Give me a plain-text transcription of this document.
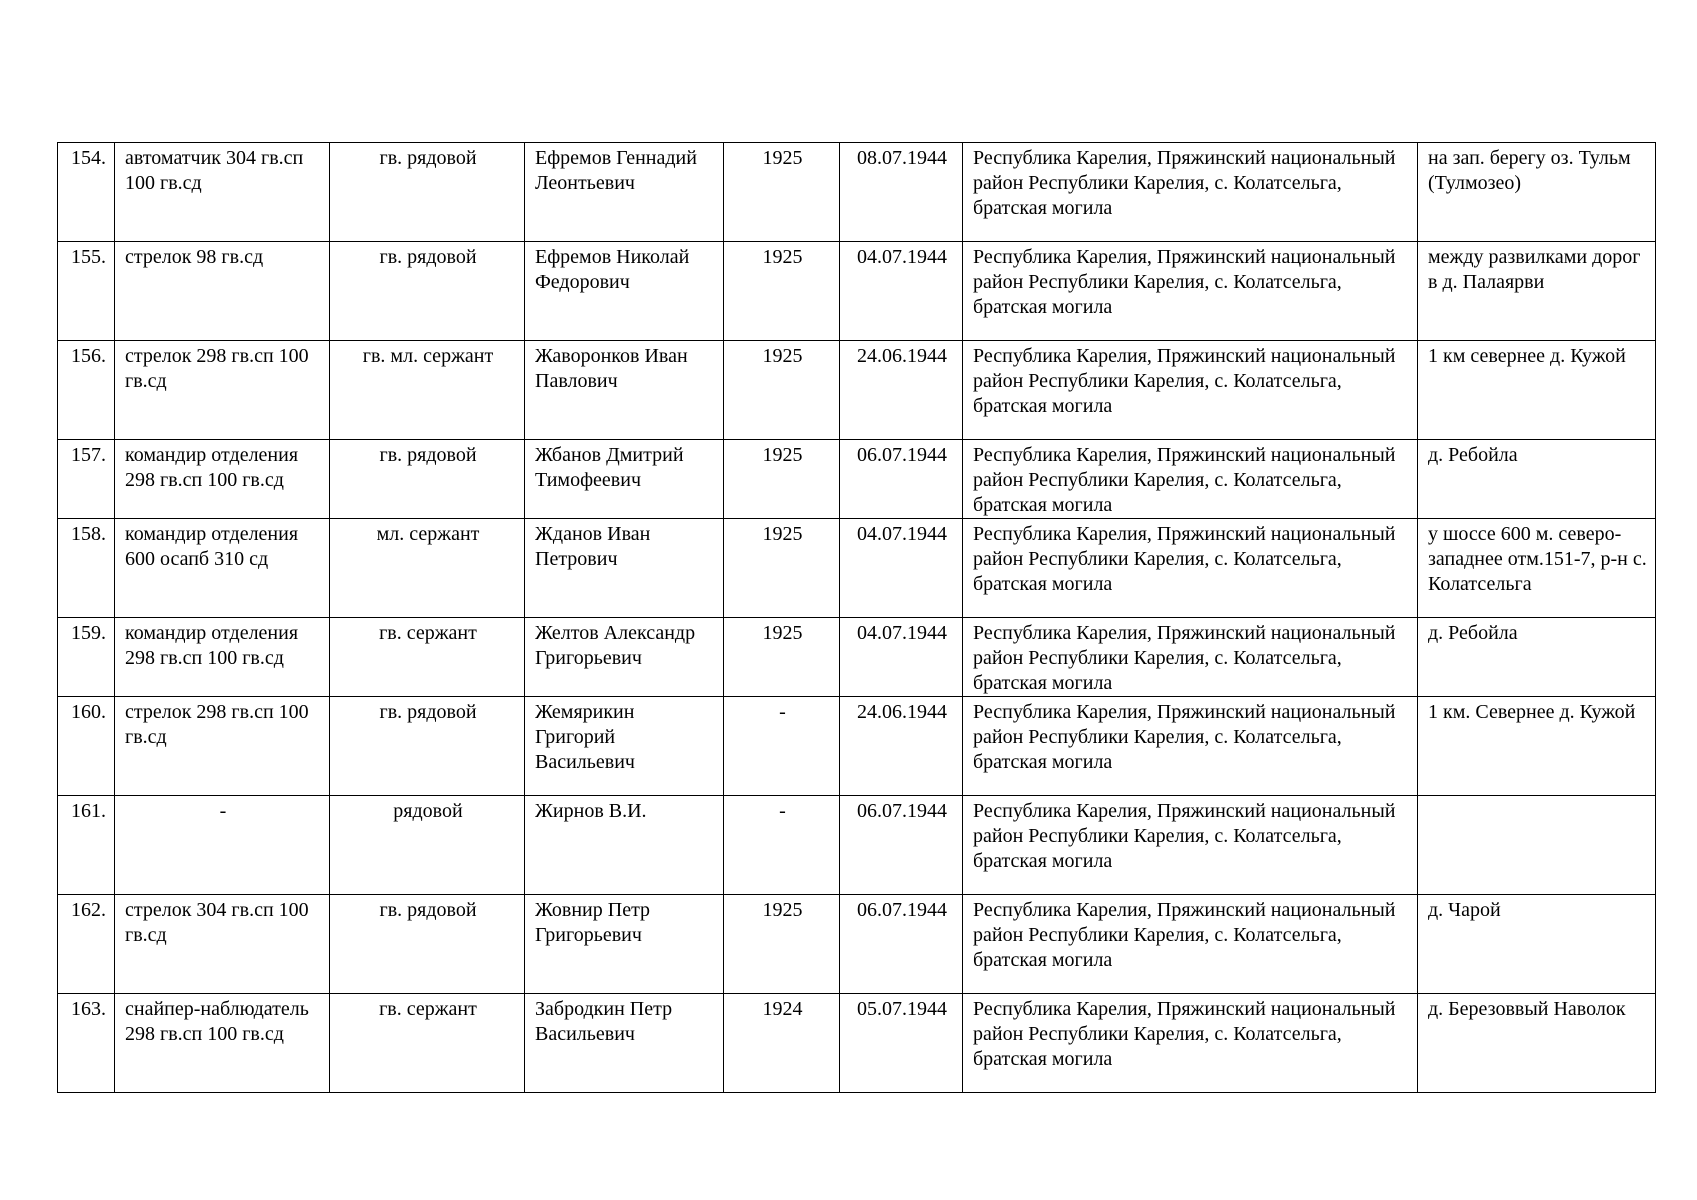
154.	автоматчик 304 гв.сп 100 гв.сд	гв. рядовой	Ефремов Геннадий Леонтьевич	1925	08.07.1944	Республика Карелия, Пряжинский национальный район Республики Карелия, с. Колатсельга, братская могила	на зап. берегу оз. Тульм (Тулмозео)
155.	стрелок 98 гв.сд	гв. рядовой	Ефремов Николай Федорович	1925	04.07.1944	Республика Карелия, Пряжинский национальный район Республики Карелия, с. Колатсельга, братская могила	между развилками дорог в д. Палаярви
156.	стрелок 298 гв.сп 100 гв.сд	гв. мл. сержант	Жаворонков Иван Павлович	1925	24.06.1944	Республика Карелия, Пряжинский национальный район Республики Карелия, с. Колатсельга, братская могила	1 км севернее д. Кужой
157.	командир отделения 298 гв.сп 100 гв.сд	гв. рядовой	Жбанов Дмитрий Тимофеевич	1925	06.07.1944	Республика Карелия, Пряжинский национальный район Республики Карелия, с. Колатсельга, братская могила	д. Ребойла
158.	командир отделения 600 осапб 310 сд	мл. сержант	Жданов Иван Петрович	1925	04.07.1944	Республика Карелия, Пряжинский национальный район Республики Карелия, с. Колатсельга, братская могила	у шоссе 600 м. северо-западнее отм.151-7, р-н с. Колатсельга
159.	командир отделения 298 гв.сп 100 гв.сд	гв. сержант	Желтов Александр Григорьевич	1925	04.07.1944	Республика Карелия, Пряжинский национальный район Республики Карелия, с. Колатсельга, братская могила	д. Ребойла
160.	стрелок 298 гв.сп 100 гв.сд	гв. рядовой	Жемярикин Григорий Васильевич	-	24.06.1944	Республика Карелия, Пряжинский национальный район Республики Карелия, с. Колатсельга, братская могила	1 км. Севернее д. Кужой
161.	-	рядовой	Жирнов В.И.	-	06.07.1944	Республика Карелия, Пряжинский национальный район Республики Карелия, с. Колатсельга, братская могила	
162.	стрелок 304 гв.сп 100 гв.сд	гв. рядовой	Жовнир Петр Григорьевич	1925	06.07.1944	Республика Карелия, Пряжинский национальный район Республики Карелия, с. Колатсельга, братская могила	д. Чарой
163.	снайпер-наблюдатель 298 гв.сп 100 гв.сд	гв. сержант	Забродкин Петр Васильевич	1924	05.07.1944	Республика Карелия, Пряжинский национальный район Республики Карелия, с. Колатсельга, братская могила	д. Березоввый Наволок
